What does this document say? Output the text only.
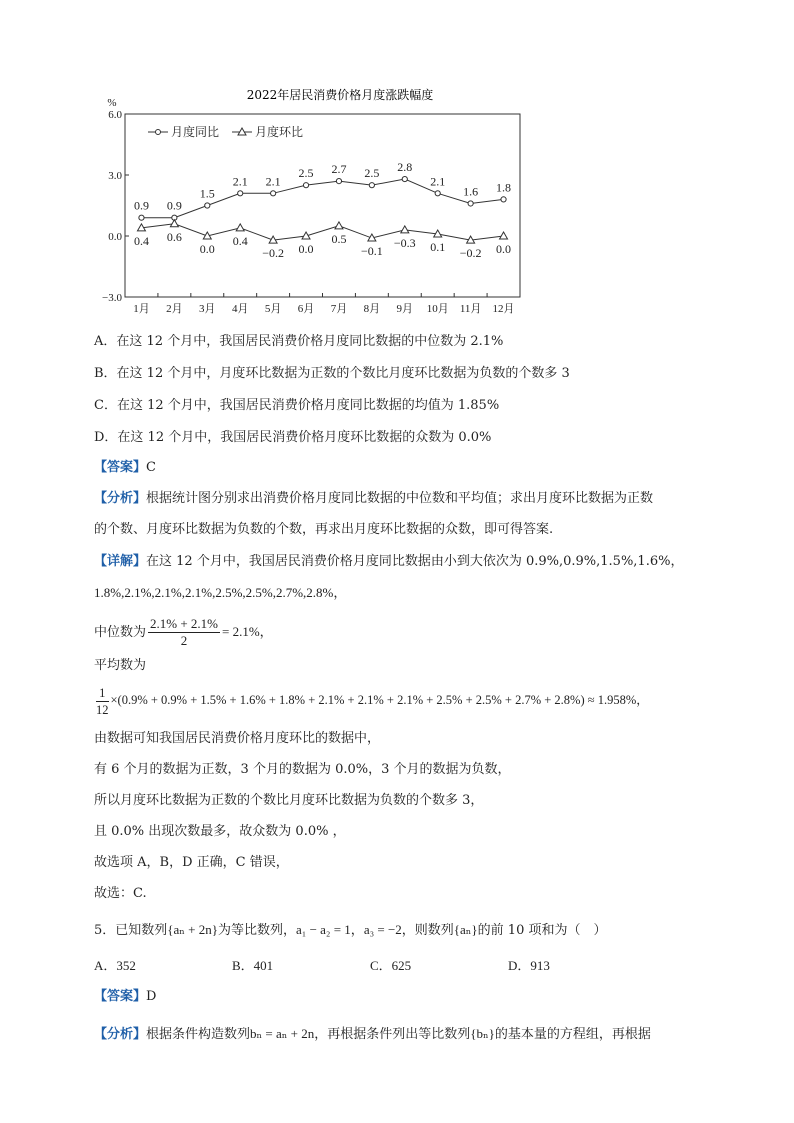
2022年居民消费价格月度涨跌幅度
%
6.0
3.0
0.0
−3.0
1月 2月 3月 4月 5月 6月 7月 8月 9月 10月 11月 12月
月度同比	月度环比
0.9 0.9
1.5
2.1 2.1
2.5 2.7 2.5 2.8
2.1
1.6 1.8
0.4 0.6
0.0
0.4
−0.2 0.0
0.5
−0.1
−0.3 0.1 −0.2 0.0
A．在这 12 个月中，我国居民消费价格月度同比数据的中位数为 2.1%
B．在这 12 个月中，月度环比数据为正数的个数比月度环比数据为负数的个数多 3
C．在这 12 个月中，我国居民消费价格月度同比数据的均值为 1.85%
D．在这 12 个月中，我国居民消费价格月度环比数据的众数为 0.0%
【答案】C
【分析】根据统计图分别求出消费价格月度同比数据的中位数和平均值；求出月度环比数据为正数
的个数、月度环比数据为负数的个数，再求出月度环比数据的众数，即可得答案.
【详解】在这 12 个月中，我国居民消费价格月度同比数据由小到大依次为 0.9%,0.9%,1.5%,1.6%，
1.8%,2.1%,2.1%,2.1%,2.5%,2.5%,2.7%,2.8%，
中位数为 $\frac{2.1\% + 2.1\%}{2} = 2.1\%$，
平均数为
$\frac{1}{12} \times(0.9\% + 0.9\% + 1.5\% + 1.6\% + 1.8\% + 2.1\% + 2.1\% + 2.1\% + 2.5\% + 2.5\% + 2.7\% + 2.8\%) \approx 1.958\%$，
由数据可知我国居民消费价格月度环比的数据中，
有 6 个月的数据为正数，3 个月的数据为 0.0%，3 个月的数据为负数，
所以月度环比数据为正数的个数比月度环比数据为负数的个数多 3，
且 0.0% 出现次数最多，故众数为 0.0% ，
故选项 A，B，D 正确，C 错误，
故选：C.
5．已知数列{aₙ + 2n}为等比数列，a₁ − a₂ = 1，a₃ = −2，则数列{aₙ}的前 10 项和为（　）
A．352	B．401	C．625	D．913
【答案】D
【分析】根据条件构造数列bₙ = aₙ + 2n，再根据条件列出等比数列{bₙ}的基本量的方程组，再根据
